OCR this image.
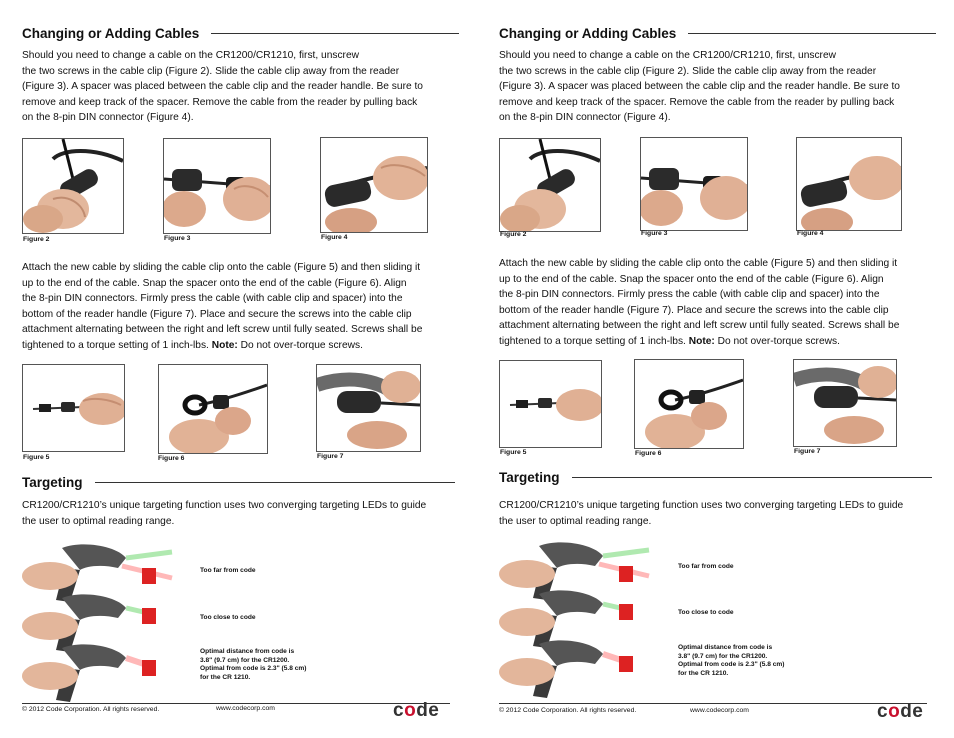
Changing or Adding Cables
Should you need to change a cable on the CR1200/CR1210, first, unscrew
the two screws in the cable clip (Figure 2). Slide the cable clip away from the reader
(Figure 3). A spacer was placed between the cable clip and the reader handle. Be sure to
remove and keep track of the spacer. Remove the cable from the reader by pulling back
on the 8-pin DIN connector (Figure 4).
Figure 2	Figure 3	Figure 4
Attach the new cable by sliding the cable clip onto the cable (Figure 5) and then sliding it
up to the end of the cable. Snap the spacer onto the end of the cable (Figure 6). Align
the 8-pin DIN connectors. Firmly press the cable (with cable clip and spacer) into the
bottom of the reader handle (Figure 7). Place and secure the screws into the cable clip
attachment alternating between the right and left screw until fully seated. Screws shall be
tightened to a torque setting of 1 inch-lbs. Note: Do not over-torque screws.
Figure 5	Figure 6	Figure 7
Targeting
CR1200/CR1210’s unique targeting function uses two converging targeting LEDs to guide
the user to optimal reading range.
Too far from code
Too close to code
Optimal distance from code is
3.8" (9.7 cm) for the CR1200.
Optimal from code is 2.3" (5.8 cm)
for the CR 1210.
© 2012 Code Corporation. All rights reserved.	www.codecorp.com	code
Changing or Adding Cables
Should you need to change a cable on the CR1200/CR1210, first, unscrew
the two screws in the cable clip (Figure 2). Slide the cable clip away from the reader
(Figure 3). A spacer was placed between the cable clip and the reader handle. Be sure to
remove and keep track of the spacer. Remove the cable from the reader by pulling back
on the 8-pin DIN connector (Figure 4).
Figure 2	Figure 3	Figure 4
Attach the new cable by sliding the cable clip onto the cable (Figure 5) and then sliding it
up to the end of the cable. Snap the spacer onto the end of the cable (Figure 6). Align
the 8-pin DIN connectors. Firmly press the cable (with cable clip and spacer) into the
bottom of the reader handle (Figure 7). Place and secure the screws into the cable clip
attachment alternating between the right and left screw until fully seated. Screws shall be
tightened to a torque setting of 1 inch-lbs. Note: Do not over-torque screws.
Figure 5	Figure 6	Figure 7
Targeting
CR1200/CR1210’s unique targeting function uses two converging targeting LEDs to guide
the user to optimal reading range.
Too far from code
Too close to code
Optimal distance from code is
3.8" (9.7 cm) for the CR1200.
Optimal from code is 2.3" (5.8 cm)
for the CR 1210.
© 2012 Code Corporation. All rights reserved.	www.codecorp.com	code
